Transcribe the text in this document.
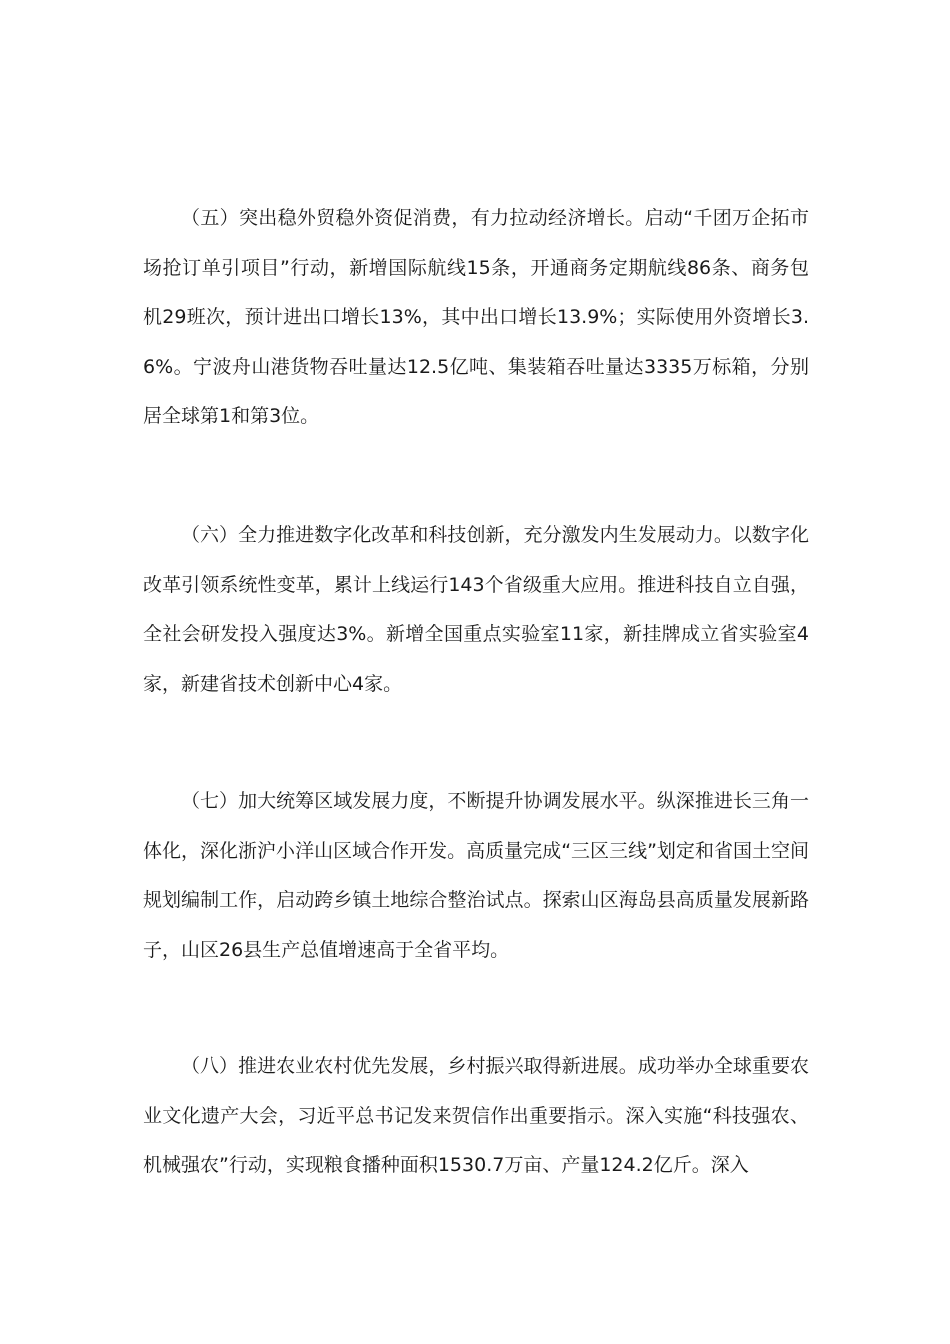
（五）突出稳外贸稳外资促消费，有力拉动经济增长。启动“千团万企拓市场抢订单引项目”行动，新增国际航线15条，开通商务定期航线86条、商务包机29班次，预计进出口增长13%，其中出口增长13.9%；实际使用外资增长3.6%。宁波舟山港货物吞吐量达12.5亿吨、集装箱吞吐量达3335万标箱，分别居全球第1和第3位。

（六）全力推进数字化改革和科技创新，充分激发内生发展动力。以数字化改革引领系统性变革，累计上线运行143个省级重大应用。推进科技自立自强，全社会研发投入强度达3%。新增全国重点实验室11家，新挂牌成立省实验室4家，新建省技术创新中心4家。

（七）加大统筹区域发展力度，不断提升协调发展水平。纵深推进长三角一体化，深化浙沪小洋山区域合作开发。高质量完成“三区三线”划定和省国土空间规划编制工作，启动跨乡镇土地综合整治试点。探索山区海岛县高质量发展新路子，山区26县生产总值增速高于全省平均。

（八）推进农业农村优先发展，乡村振兴取得新进展。成功举办全球重要农业文化遗产大会，习近平总书记发来贺信作出重要指示。深入实施“科技强农、机械强农”行动，实现粮食播种面积1530.7万亩、产量124.2亿斤。深入
